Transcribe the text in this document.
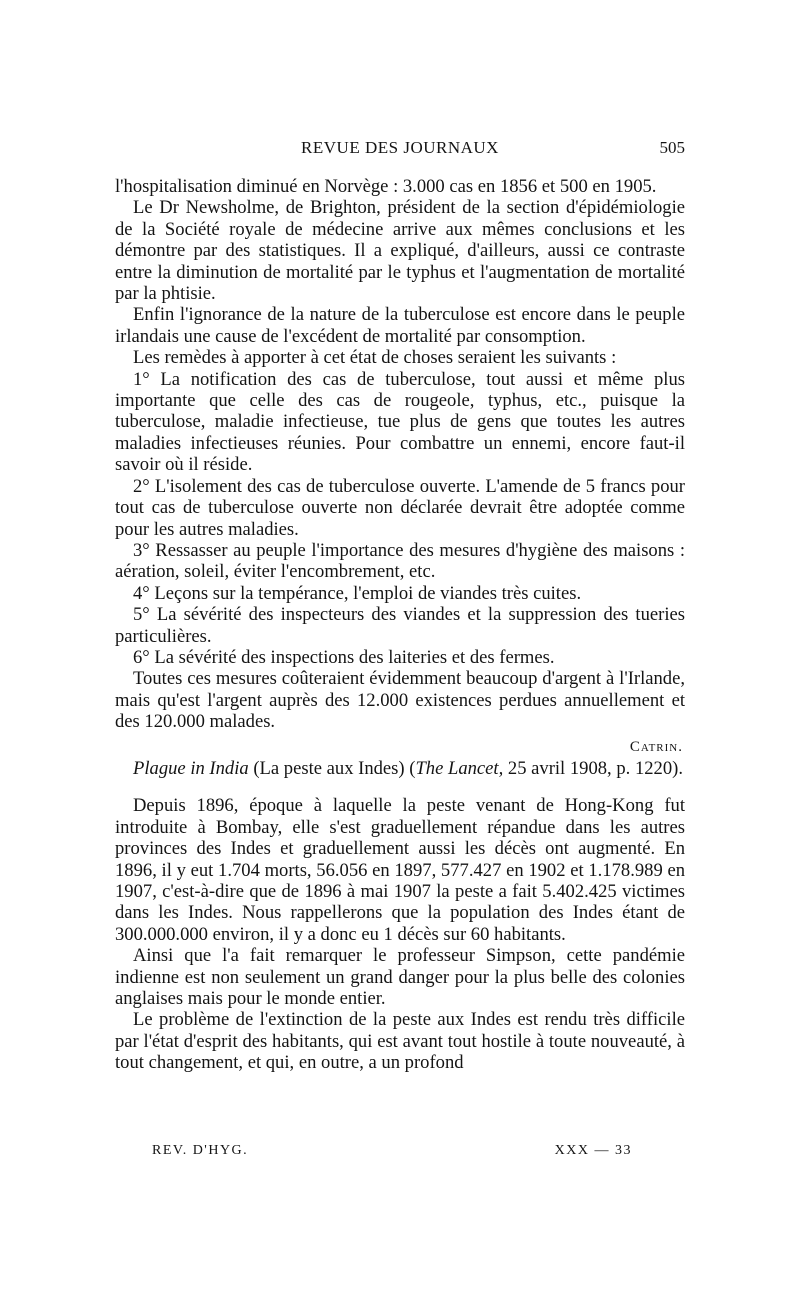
REVUE DES JOURNAUX	505

l'hospitalisation diminué en Norvège : 3.000 cas en 1856 et 500 en 1905.

Le Dr Newsholme, de Brighton, président de la section d'épidémiologie de la Société royale de médecine arrive aux mêmes conclusions et les démontre par des statistiques. Il a expliqué, d'ailleurs, aussi ce contraste entre la diminution de mortalité par le typhus et l'augmentation de mortalité par la phtisie.

Enfin l'ignorance de la nature de la tuberculose est encore dans le peuple irlandais une cause de l'excédent de mortalité par consomption.

Les remèdes à apporter à cet état de choses seraient les suivants :

1° La notification des cas de tuberculose, tout aussi et même plus importante que celle des cas de rougeole, typhus, etc., puisque la tuberculose, maladie infectieuse, tue plus de gens que toutes les autres maladies infectieuses réunies. Pour combattre un ennemi, encore faut-il savoir où il réside.

2° L'isolement des cas de tuberculose ouverte. L'amende de 5 francs pour tout cas de tuberculose ouverte non déclarée devrait être adoptée comme pour les autres maladies.

3° Ressasser au peuple l'importance des mesures d'hygiène des maisons : aération, soleil, éviter l'encombrement, etc.

4° Leçons sur la tempérance, l'emploi de viandes très cuites.

5° La sévérité des inspecteurs des viandes et la suppression des tueries particulières.

6° La sévérité des inspections des laiteries et des fermes.

Toutes ces mesures coûteraient évidemment beaucoup d'argent à l'Irlande, mais qu'est l'argent auprès des 12.000 existences perdues annuellement et des 120.000 malades.

Catrin.

Plague in India (La peste aux Indes) (The Lancet, 25 avril 1908, p. 1220).

Depuis 1896, époque à laquelle la peste venant de Hong-Kong fut introduite à Bombay, elle s'est graduellement répandue dans les autres provinces des Indes et graduellement aussi les décès ont augmenté. En 1896, il y eut 1.704 morts, 56.056 en 1897, 577.427 en 1902 et 1.178.989 en 1907, c'est-à-dire que de 1896 à mai 1907 la peste a fait 5.402.425 victimes dans les Indes. Nous rappellerons que la population des Indes étant de 300.000.000 environ, il y a donc eu 1 décès sur 60 habitants.

Ainsi que l'a fait remarquer le professeur Simpson, cette pandémie indienne est non seulement un grand danger pour la plus belle des colonies anglaises mais pour le monde entier.

Le problème de l'extinction de la peste aux Indes est rendu très difficile par l'état d'esprit des habitants, qui est avant tout hostile à toute nouveauté, à tout changement, et qui, en outre, a un profond

REV. D'HYG.	XXX — 33
